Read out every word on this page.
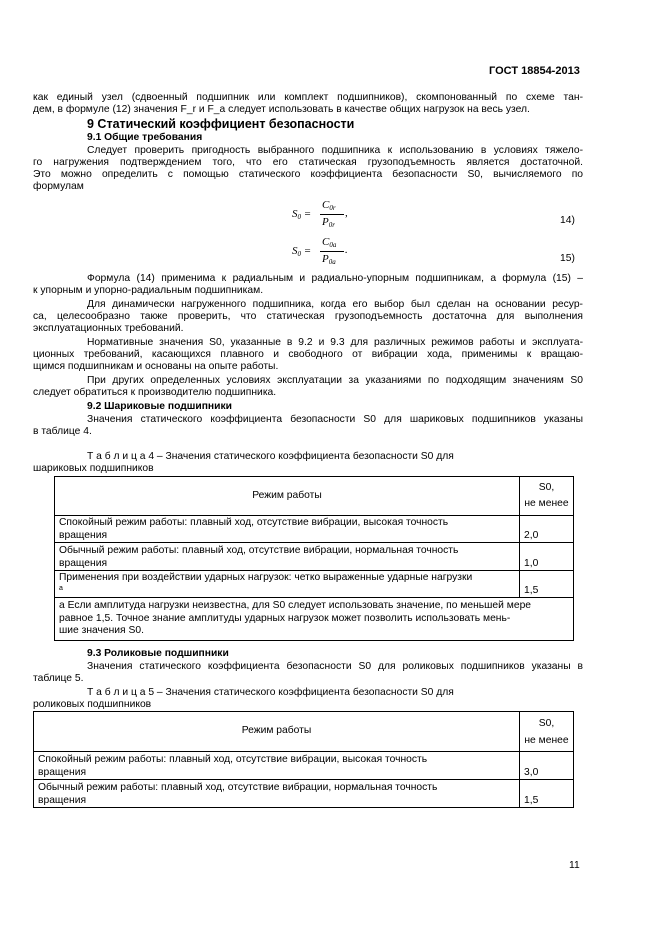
ГОСТ 18854-2013
как единый узел (сдвоенный подшипник или комплект подшипников), скомпонованный по схеме тан-
дем, в формуле (12) значения F_r и F_a следует использовать в качестве общих нагрузок на весь узел.
9 Статический коэффициент безопасности
9.1 Общие требования
Следует проверить пригодность выбранного подшипника к использованию в условиях тяжело-
го нагружения подтверждением того, что его статическая грузоподъемность является достаточной.
Это можно определить с помощью статического коэффициента безопасности S0, вычисляемого по
формулам
$S_0$ =
$C_{0r}$
$P_{0r}$
,
14)
$S_0$ =
$C_{0a}$
$P_{0a}$
.
15)
Формула (14) применима к радиальным и радиально-упорным подшипникам, а формула (15) –
к упорным и упорно-радиальным подшипникам.
Для динамически нагруженного подшипника, когда его выбор был сделан на основании ресур-
са, целесообразно также проверить, что статическая грузоподъемность достаточна для выполнения
эксплуатационных требований.
Нормативные значения S0, указанные в 9.2 и 9.3 для различных режимов работы и эксплуата-
ционных требований, касающихся плавного и свободного от вибрации хода, применимы к вращаю-
щимся подшипникам и основаны на опыте работы.
При других определенных условиях эксплуатации за указаниями по подходящим значениям S0
следует обратиться к производителю подшипника.
9.2 Шариковые подшипники
Значения статического коэффициента безопасности S0 для шариковых подшипников указаны
в таблице 4.
Т а б л и ц а 4 – Значения статического коэффициента безопасности S0 для
шариковых подшипников
Режим работы	S0,
не менее
Спокойный режим работы: плавный ход, отсутствие вибрации, высокая точность
вращения	2,0
Обычный режим работы: плавный ход, отсутствие вибрации, нормальная точность
вращения	1,0
Применения при воздействии ударных нагрузок: четко выраженные ударные нагрузки
$^а$	1,5
а Если амплитуда нагрузки неизвестна, для S0 следует использовать значение, по меньшей мере
равное 1,5. Точное знание амплитуды ударных нагрузок может позволить использовать мень-
шие значения S0.	
9.3 Роликовые подшипники
Значения статического коэффициента безопасности S0 для роликовых подшипников указаны в
таблице 5.
Т а б л и ц а 5 – Значения статического коэффициента безопасности S0 для
роликовых подшипников
Режим работы	S0,
не менее
Спокойный режим работы: плавный ход, отсутствие вибрации, высокая точность
вращения	3,0
Обычный режим работы: плавный ход, отсутствие вибрации, нормальная точность
вращения	1,5
11
